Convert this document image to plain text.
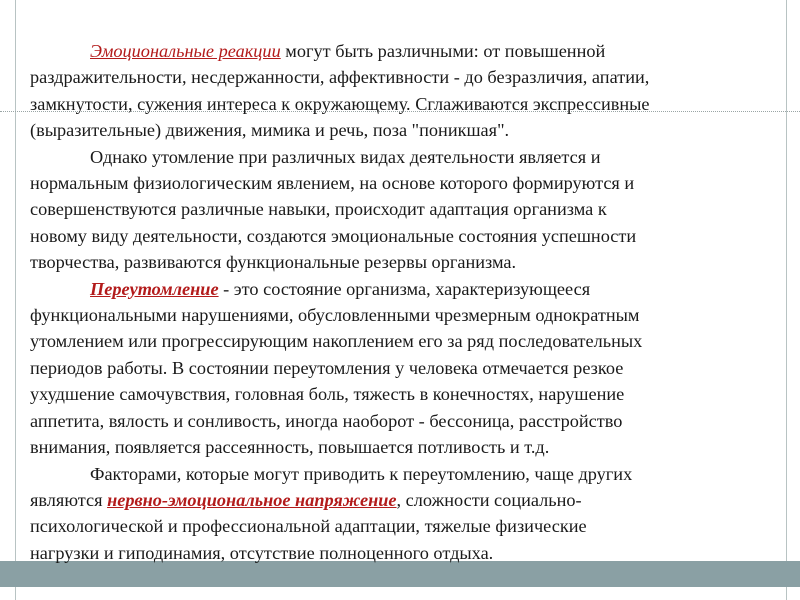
Эмоциональные реакции могут быть различными: от повышенной
раздражительности, несдержанности, аффективности - до безразличия, апатии,
замкнутости, сужения интереса к окружающему. Сглаживаются экспрессивные
(выразительные) движения, мимика и речь, поза "поникшая".
Однако утомление при различных видах деятельности является и
нормальным физиологическим явлением, на основе которого формируются и
совершенствуются различные навыки, происходит адаптация организма к
новому виду деятельности, создаются эмоциональные состояния успешности
творчества, развиваются функциональные резервы организма.
Переутомление - это состояние организма, характеризующееся
функциональными нарушениями, обусловленными чрезмерным однократным
утомлением или прогрессирующим накоплением его за ряд последовательных
периодов работы. В состоянии переутомления у человека отмечается резкое
ухудшение самочувствия, головная боль, тяжесть в конечностях, нарушение
аппетита, вялость и сонливость, иногда наоборот - бессоница, расстройство
внимания, появляется рассеянность, повышается потливость и т.д.
Факторами, которые могут приводить к переутомлению, чаще других
являются нервно-эмоциональное напряжение, сложности социально-
психологической и профессиональной адаптации, тяжелые физические
нагрузки и гиподинамия, отсутствие полноценного отдыха.
